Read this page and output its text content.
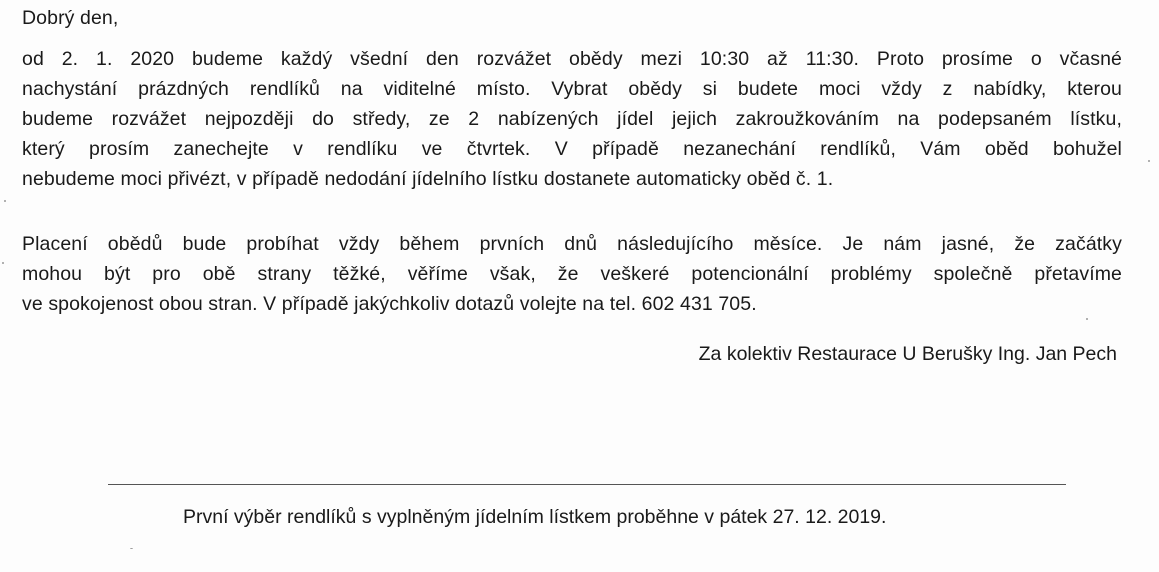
Dobrý den,
od 2. 1. 2020 budeme každý všední den rozvážet obědy mezi 10:30 až 11:30. Proto prosíme o včasné
nachystání prázdných rendlíků na viditelné místo. Vybrat obědy si budete moci vždy z nabídky, kterou
budeme rozvážet nejpozději do středy, ze 2 nabízených jídel jejich zakroužkováním na podepsaném lístku,
který prosím zanechejte v rendlíku ve čtvrtek. V případě nezanechání rendlíků, Vám oběd bohužel
nebudeme moci přivézt, v případě nedodání jídelního lístku dostanete automaticky oběd č. 1.
Placení obědů bude probíhat vždy během prvních dnů následujícího měsíce. Je nám jasné, že začátky
mohou být pro obě strany těžké, věříme však, že veškeré potencionální problémy společně přetavíme
ve spokojenost obou stran. V případě jakýchkoliv dotazů volejte na tel. 602 431 705.
Za kolektiv Restaurace U Berušky Ing. Jan Pech
První výběr rendlíků s vyplněným jídelním lístkem proběhne v pátek 27. 12. 2019.
